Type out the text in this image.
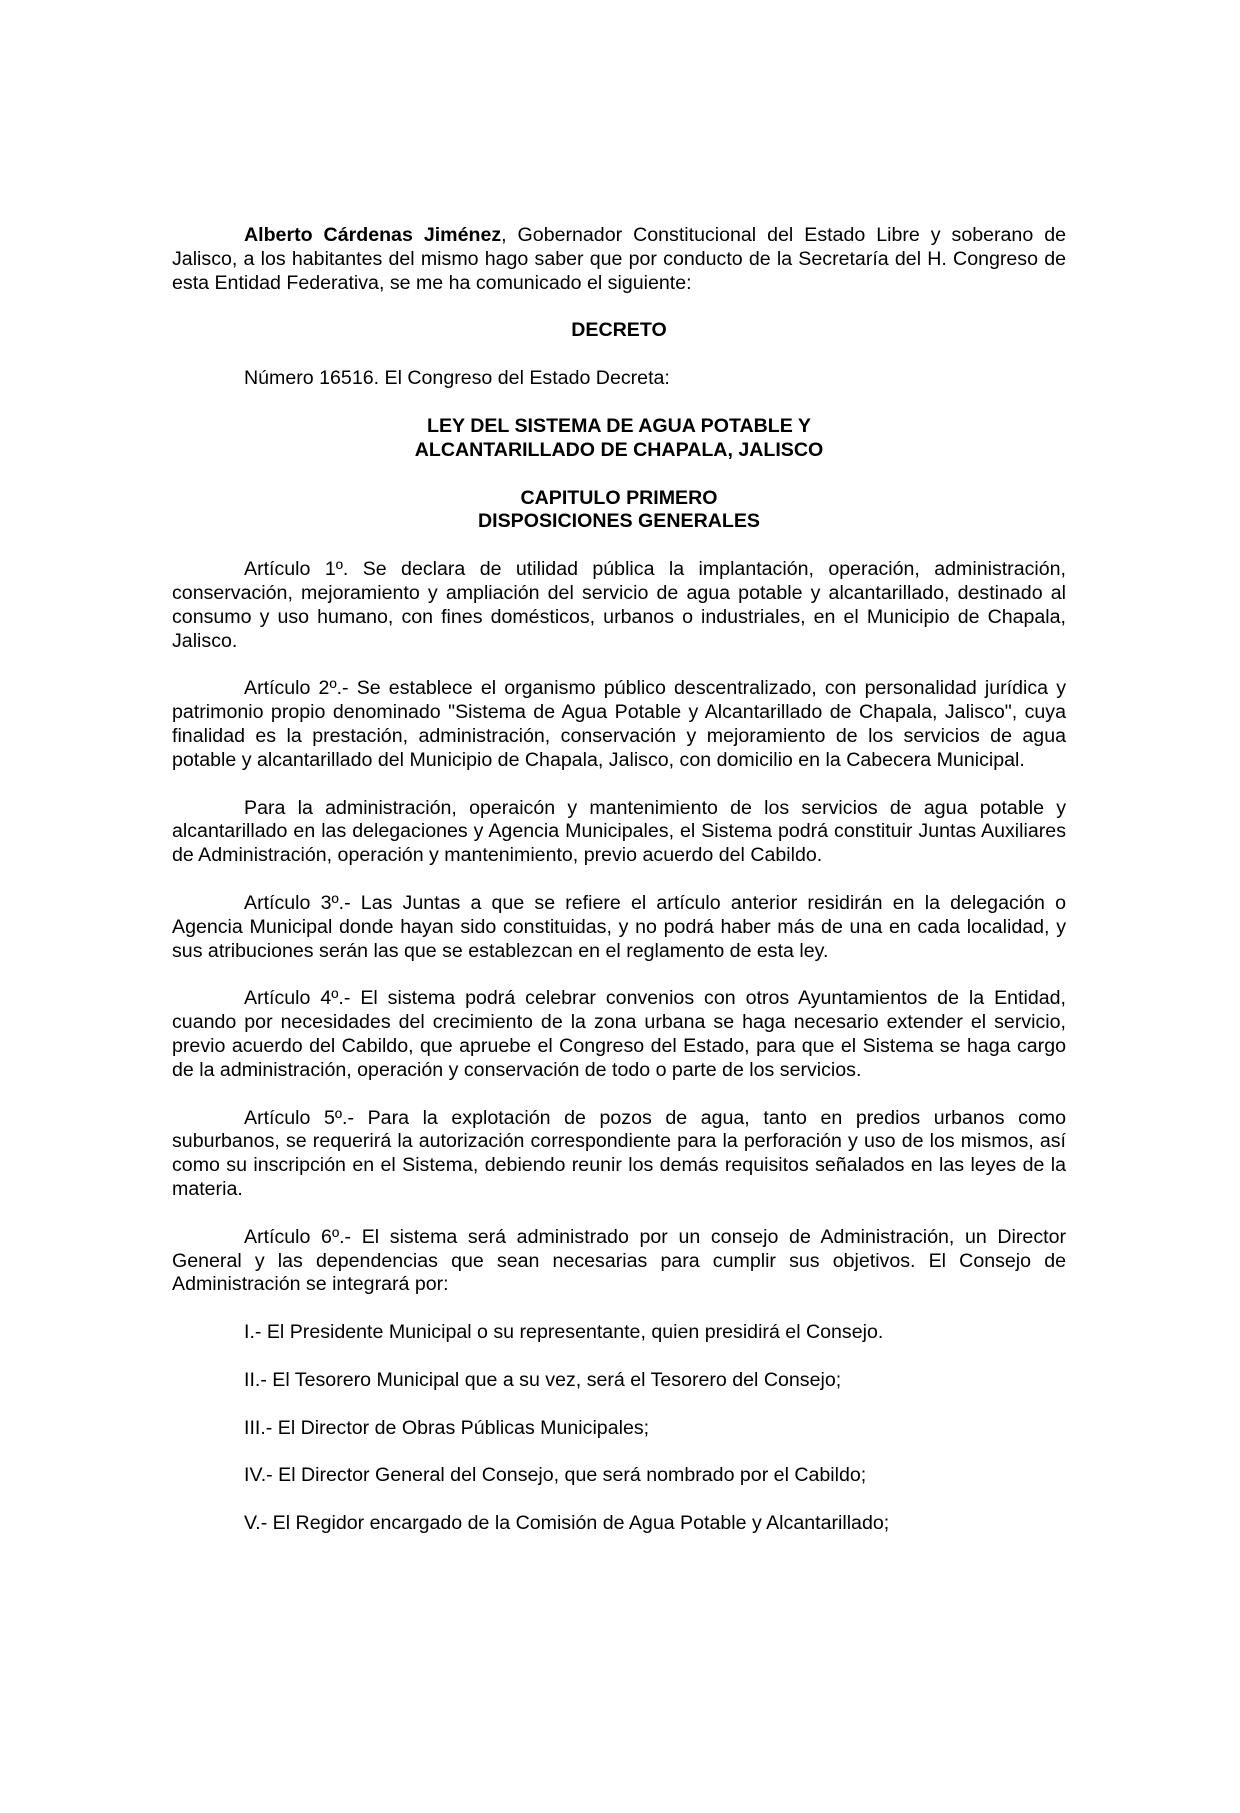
Alberto Cárdenas Jiménez, Gobernador Constitucional del Estado Libre y soberano de Jalisco, a los habitantes del mismo hago saber que por conducto de la Secretaría del H. Congreso de esta Entidad Federativa, se me ha comunicado el siguiente:

DECRETO

Número 16516. El Congreso del Estado Decreta:

LEY DEL SISTEMA DE AGUA POTABLE Y

ALCANTARILLADO DE CHAPALA, JALISCO

CAPITULO PRIMERO

DISPOSICIONES GENERALES

Artículo 1º. Se declara de utilidad pública la implantación, operación, administración, conservación, mejoramiento y ampliación del servicio de agua potable y alcantarillado, destinado al consumo y uso humano, con fines domésticos, urbanos o industriales, en el Municipio de Chapala, Jalisco.

Artículo 2º.- Se establece el organismo público descentralizado, con personalidad jurídica y patrimonio propio denominado "Sistema de Agua Potable y Alcantarillado de Chapala, Jalisco", cuya finalidad es la prestación, administración, conservación y mejoramiento de los servicios de agua potable y alcantarillado del Municipio de Chapala, Jalisco, con domicilio en la Cabecera Municipal.

Para la administración, operaicón y mantenimiento de los servicios de agua potable y alcantarillado en las delegaciones y Agencia Municipales, el Sistema podrá constituir Juntas Auxiliares de Administración, operación y mantenimiento, previo acuerdo del Cabildo.

Artículo 3º.- Las Juntas a que se refiere el artículo anterior residirán en la delegación o Agencia Municipal donde hayan sido constituidas, y no podrá haber más de una en cada localidad, y sus atribuciones serán las que se establezcan en el reglamento de esta ley.

Artículo 4º.- El sistema podrá celebrar convenios con otros Ayuntamientos de la Entidad, cuando por necesidades del crecimiento de la zona urbana se haga necesario extender el servicio, previo acuerdo del Cabildo, que apruebe el Congreso del Estado, para que el Sistema se haga cargo de la administración, operación y conservación de todo o parte de los servicios.

Artículo 5º.- Para la explotación de pozos de agua, tanto en predios urbanos como suburbanos, se requerirá la autorización correspondiente para la perforación y uso de los mismos, así como su inscripción en el Sistema, debiendo reunir los demás requisitos señalados en las leyes de la materia.

Artículo 6º.- El sistema será administrado por un consejo de Administración, un Director General y las dependencias que sean necesarias para cumplir sus objetivos. El Consejo de Administración se integrará por:

I.- El Presidente Municipal o su representante, quien presidirá el Consejo.

II.- El Tesorero Municipal que a su vez, será el Tesorero del Consejo;

III.- El Director de Obras Públicas Municipales;

IV.- El Director General del Consejo, que será nombrado por el Cabildo;

V.- El Regidor encargado de la Comisión de Agua Potable y Alcantarillado;
